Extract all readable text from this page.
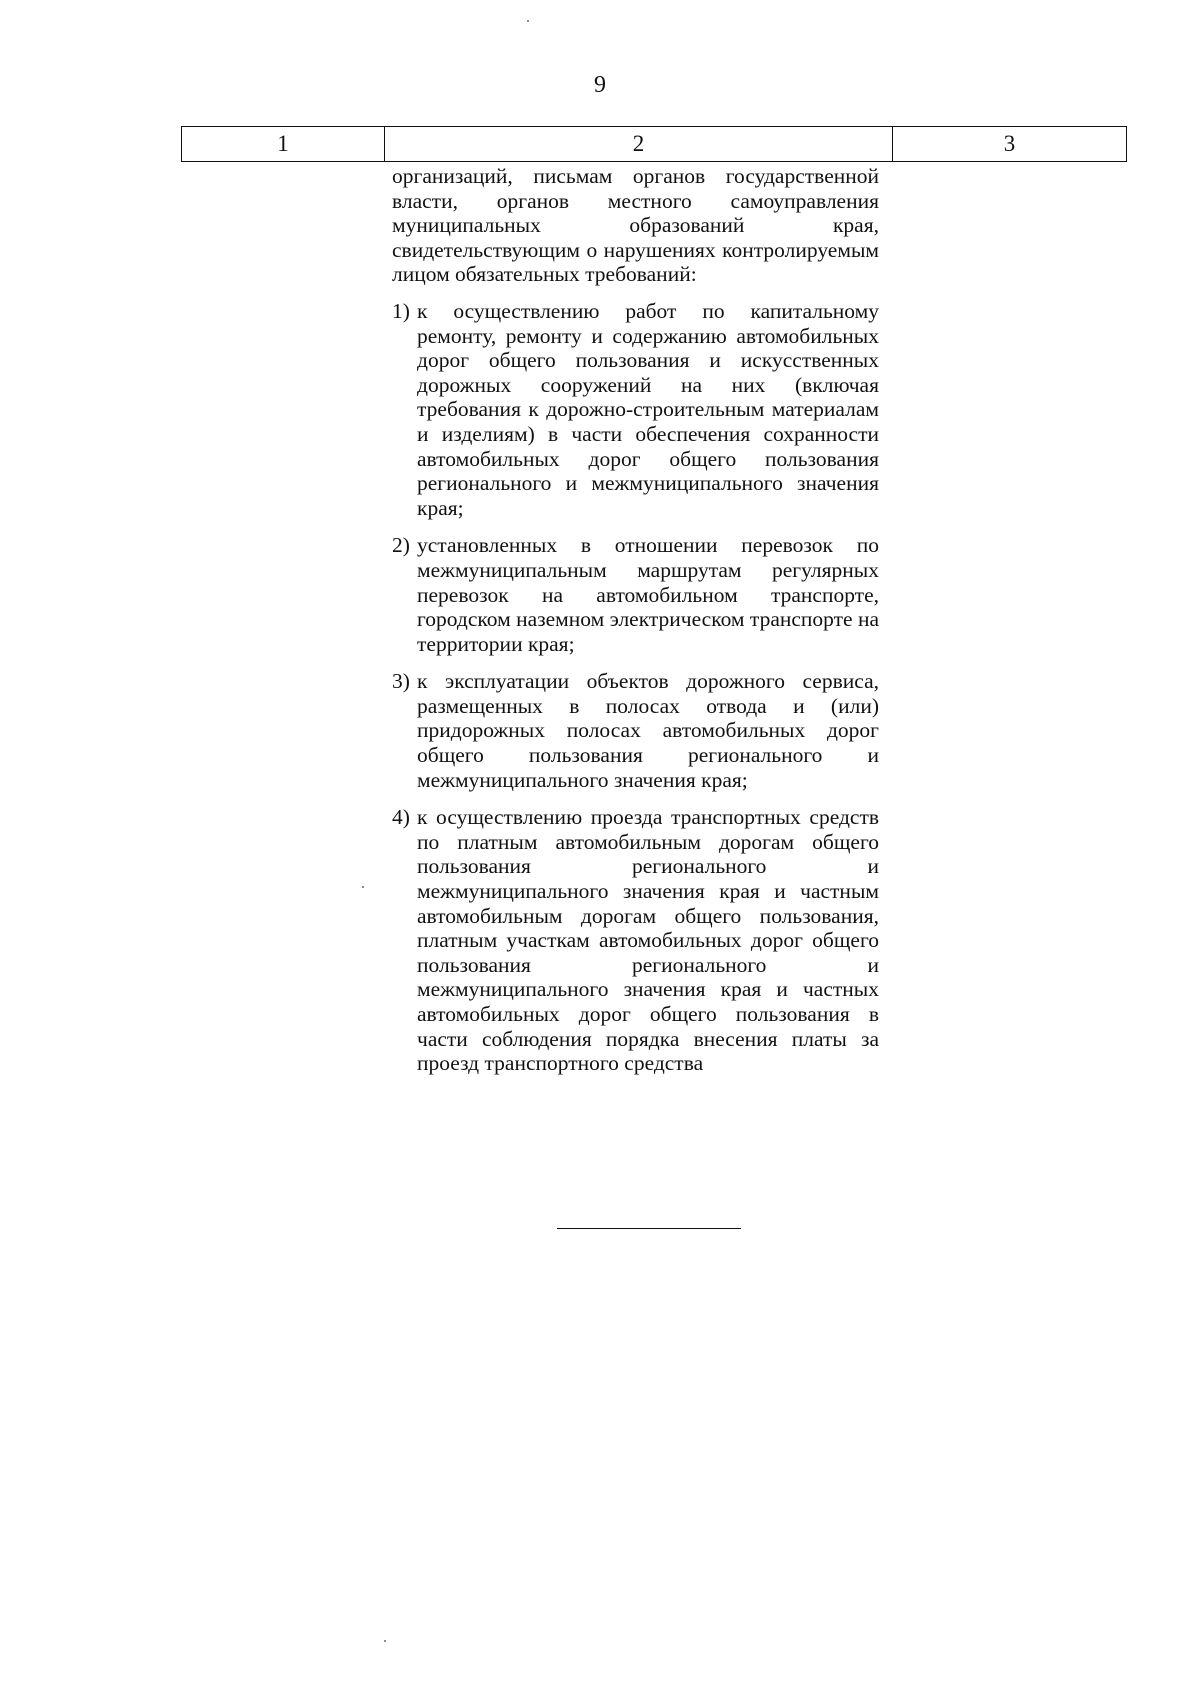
9
1	2	3

организаций, письмам органов государственной власти, органов местного самоуправления муниципальных образований края, свидетельствующим о нарушениях контролируемым лицом обязательных требований:

1) к осуществлению работ по капитальному ремонту, ремонту и содержанию автомобильных дорог общего пользования и искусственных дорожных сооружений на них (включая требования к дорожно-строительным материалам и изделиям) в части обеспечения сохранности автомобильных дорог общего пользования регионального и межмуниципального значения края;
2) установленных в отношении перевозок по межмуниципальным маршрутам регулярных перевозок на автомобильном транспорте, городском наземном электрическом транспорте на территории края;
3) к эксплуатации объектов дорожного сервиса, размещенных в полосах отвода и (или) придорожных полосах автомобильных дорог общего пользования регионального и межмуниципального значения края;
4) к осуществлению проезда транспортных средств по платным автомобильным дорогам общего пользования регионального и межмуниципального значения края и частным автомобильным дорогам общего пользования, платным участкам автомобильных дорог общего пользования регионального и межмуниципального значения края и частных автомобильных дорог общего пользования в части соблюдения порядка внесения платы за проезд транспортного средства
